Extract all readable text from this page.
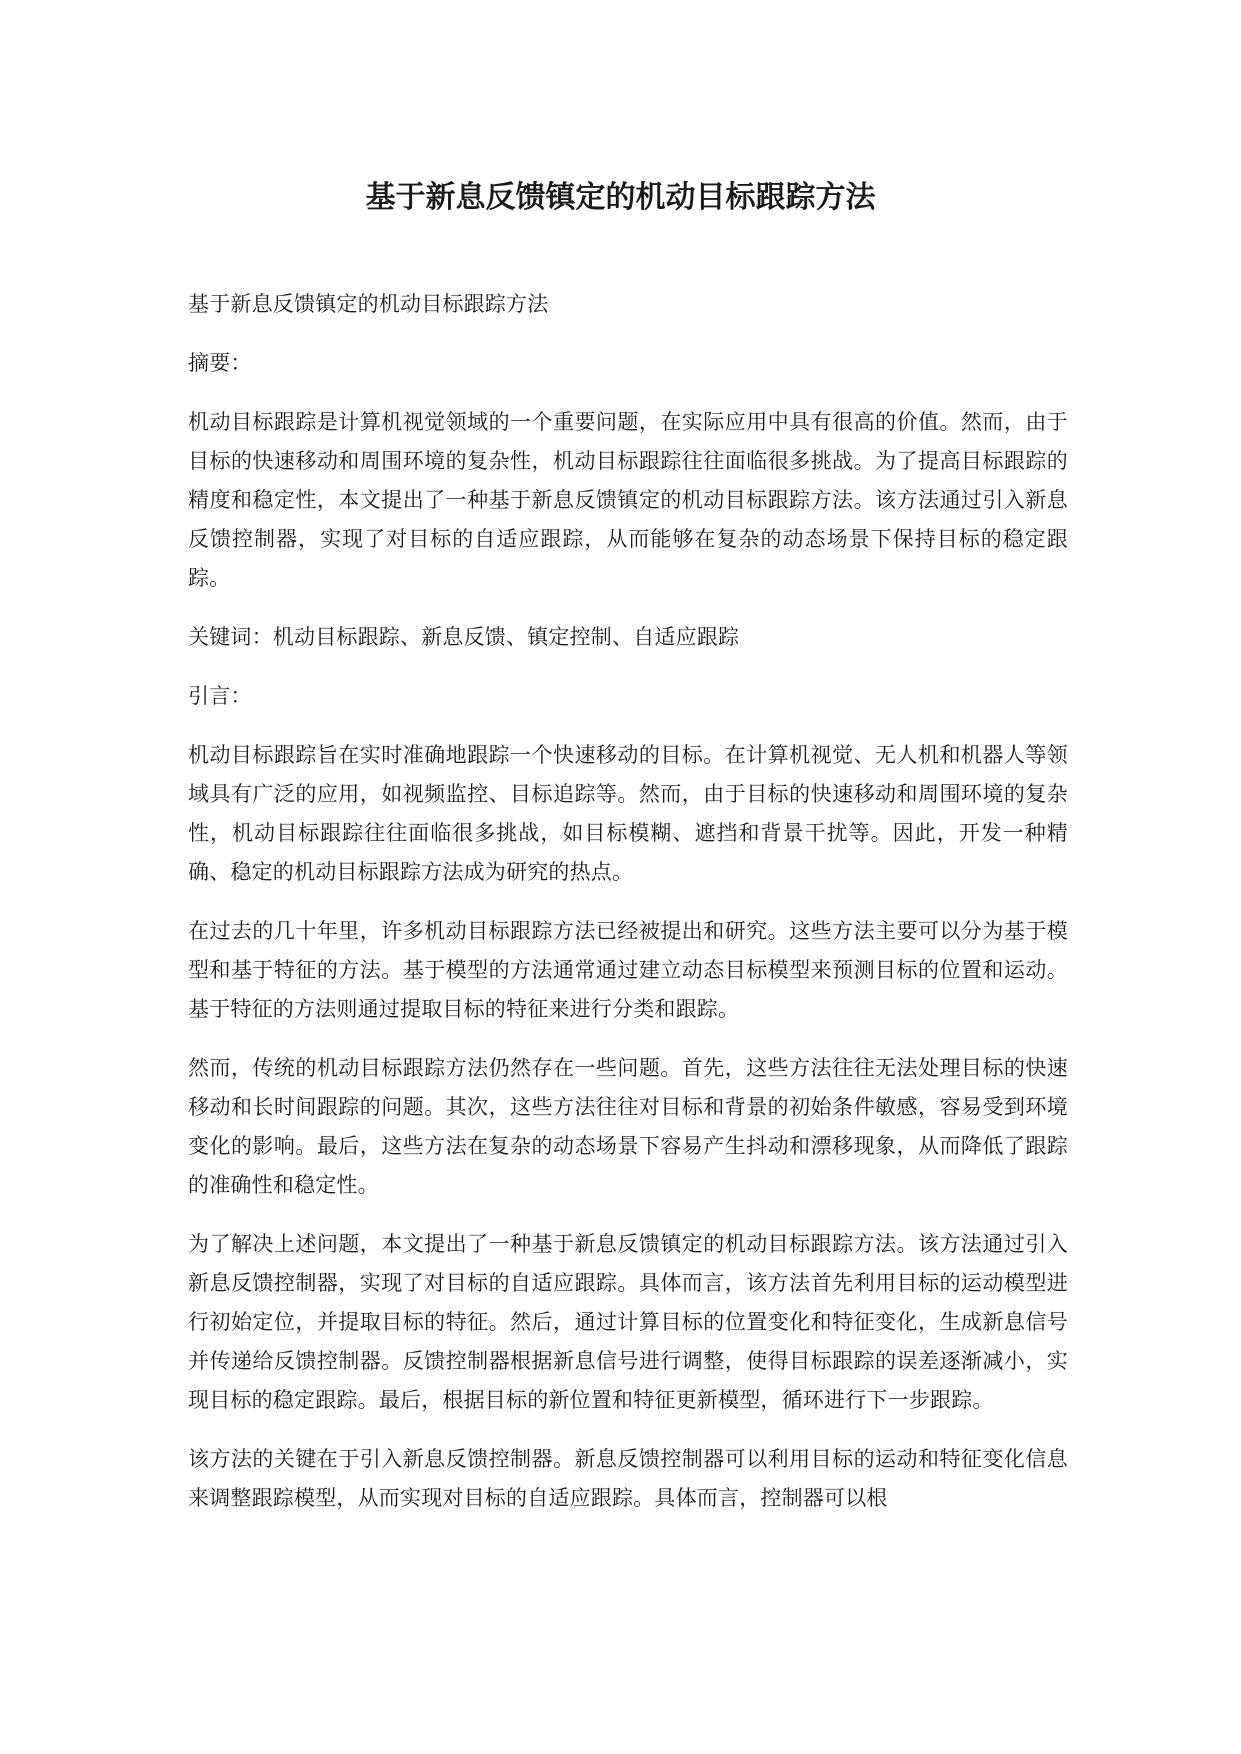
基于新息反馈镇定的机动目标跟踪方法

基于新息反馈镇定的机动目标跟踪方法

摘要：

机动目标跟踪是计算机视觉领域的一个重要问题，在实际应用中具有很高的价值。然而，由于目标的快速移动和周围环境的复杂性，机动目标跟踪往往面临很多挑战。为了提高目标跟踪的精度和稳定性，本文提出了一种基于新息反馈镇定的机动目标跟踪方法。该方法通过引入新息反馈控制器，实现了对目标的自适应跟踪，从而能够在复杂的动态场景下保持目标的稳定跟踪。

关键词：机动目标跟踪、新息反馈、镇定控制、自适应跟踪

引言：

机动目标跟踪旨在实时准确地跟踪一个快速移动的目标。在计算机视觉、无人机和机器人等领域具有广泛的应用，如视频监控、目标追踪等。然而，由于目标的快速移动和周围环境的复杂性，机动目标跟踪往往面临很多挑战，如目标模糊、遮挡和背景干扰等。因此，开发一种精确、稳定的机动目标跟踪方法成为研究的热点。

在过去的几十年里，许多机动目标跟踪方法已经被提出和研究。这些方法主要可以分为基于模型和基于特征的方法。基于模型的方法通常通过建立动态目标模型来预测目标的位置和运动。基于特征的方法则通过提取目标的特征来进行分类和跟踪。

然而，传统的机动目标跟踪方法仍然存在一些问题。首先，这些方法往往无法处理目标的快速移动和长时间跟踪的问题。其次，这些方法往往对目标和背景的初始条件敏感，容易受到环境变化的影响。最后，这些方法在复杂的动态场景下容易产生抖动和漂移现象，从而降低了跟踪的准确性和稳定性。

为了解决上述问题，本文提出了一种基于新息反馈镇定的机动目标跟踪方法。该方法通过引入新息反馈控制器，实现了对目标的自适应跟踪。具体而言，该方法首先利用目标的运动模型进行初始定位，并提取目标的特征。然后，通过计算目标的位置变化和特征变化，生成新息信号并传递给反馈控制器。反馈控制器根据新息信号进行调整，使得目标跟踪的误差逐渐减小，实现目标的稳定跟踪。最后，根据目标的新位置和特征更新模型，循环进行下一步跟踪。

该方法的关键在于引入新息反馈控制器。新息反馈控制器可以利用目标的运动和特征变化信息来调整跟踪模型，从而实现对目标的自适应跟踪。具体而言，控制器可以根
